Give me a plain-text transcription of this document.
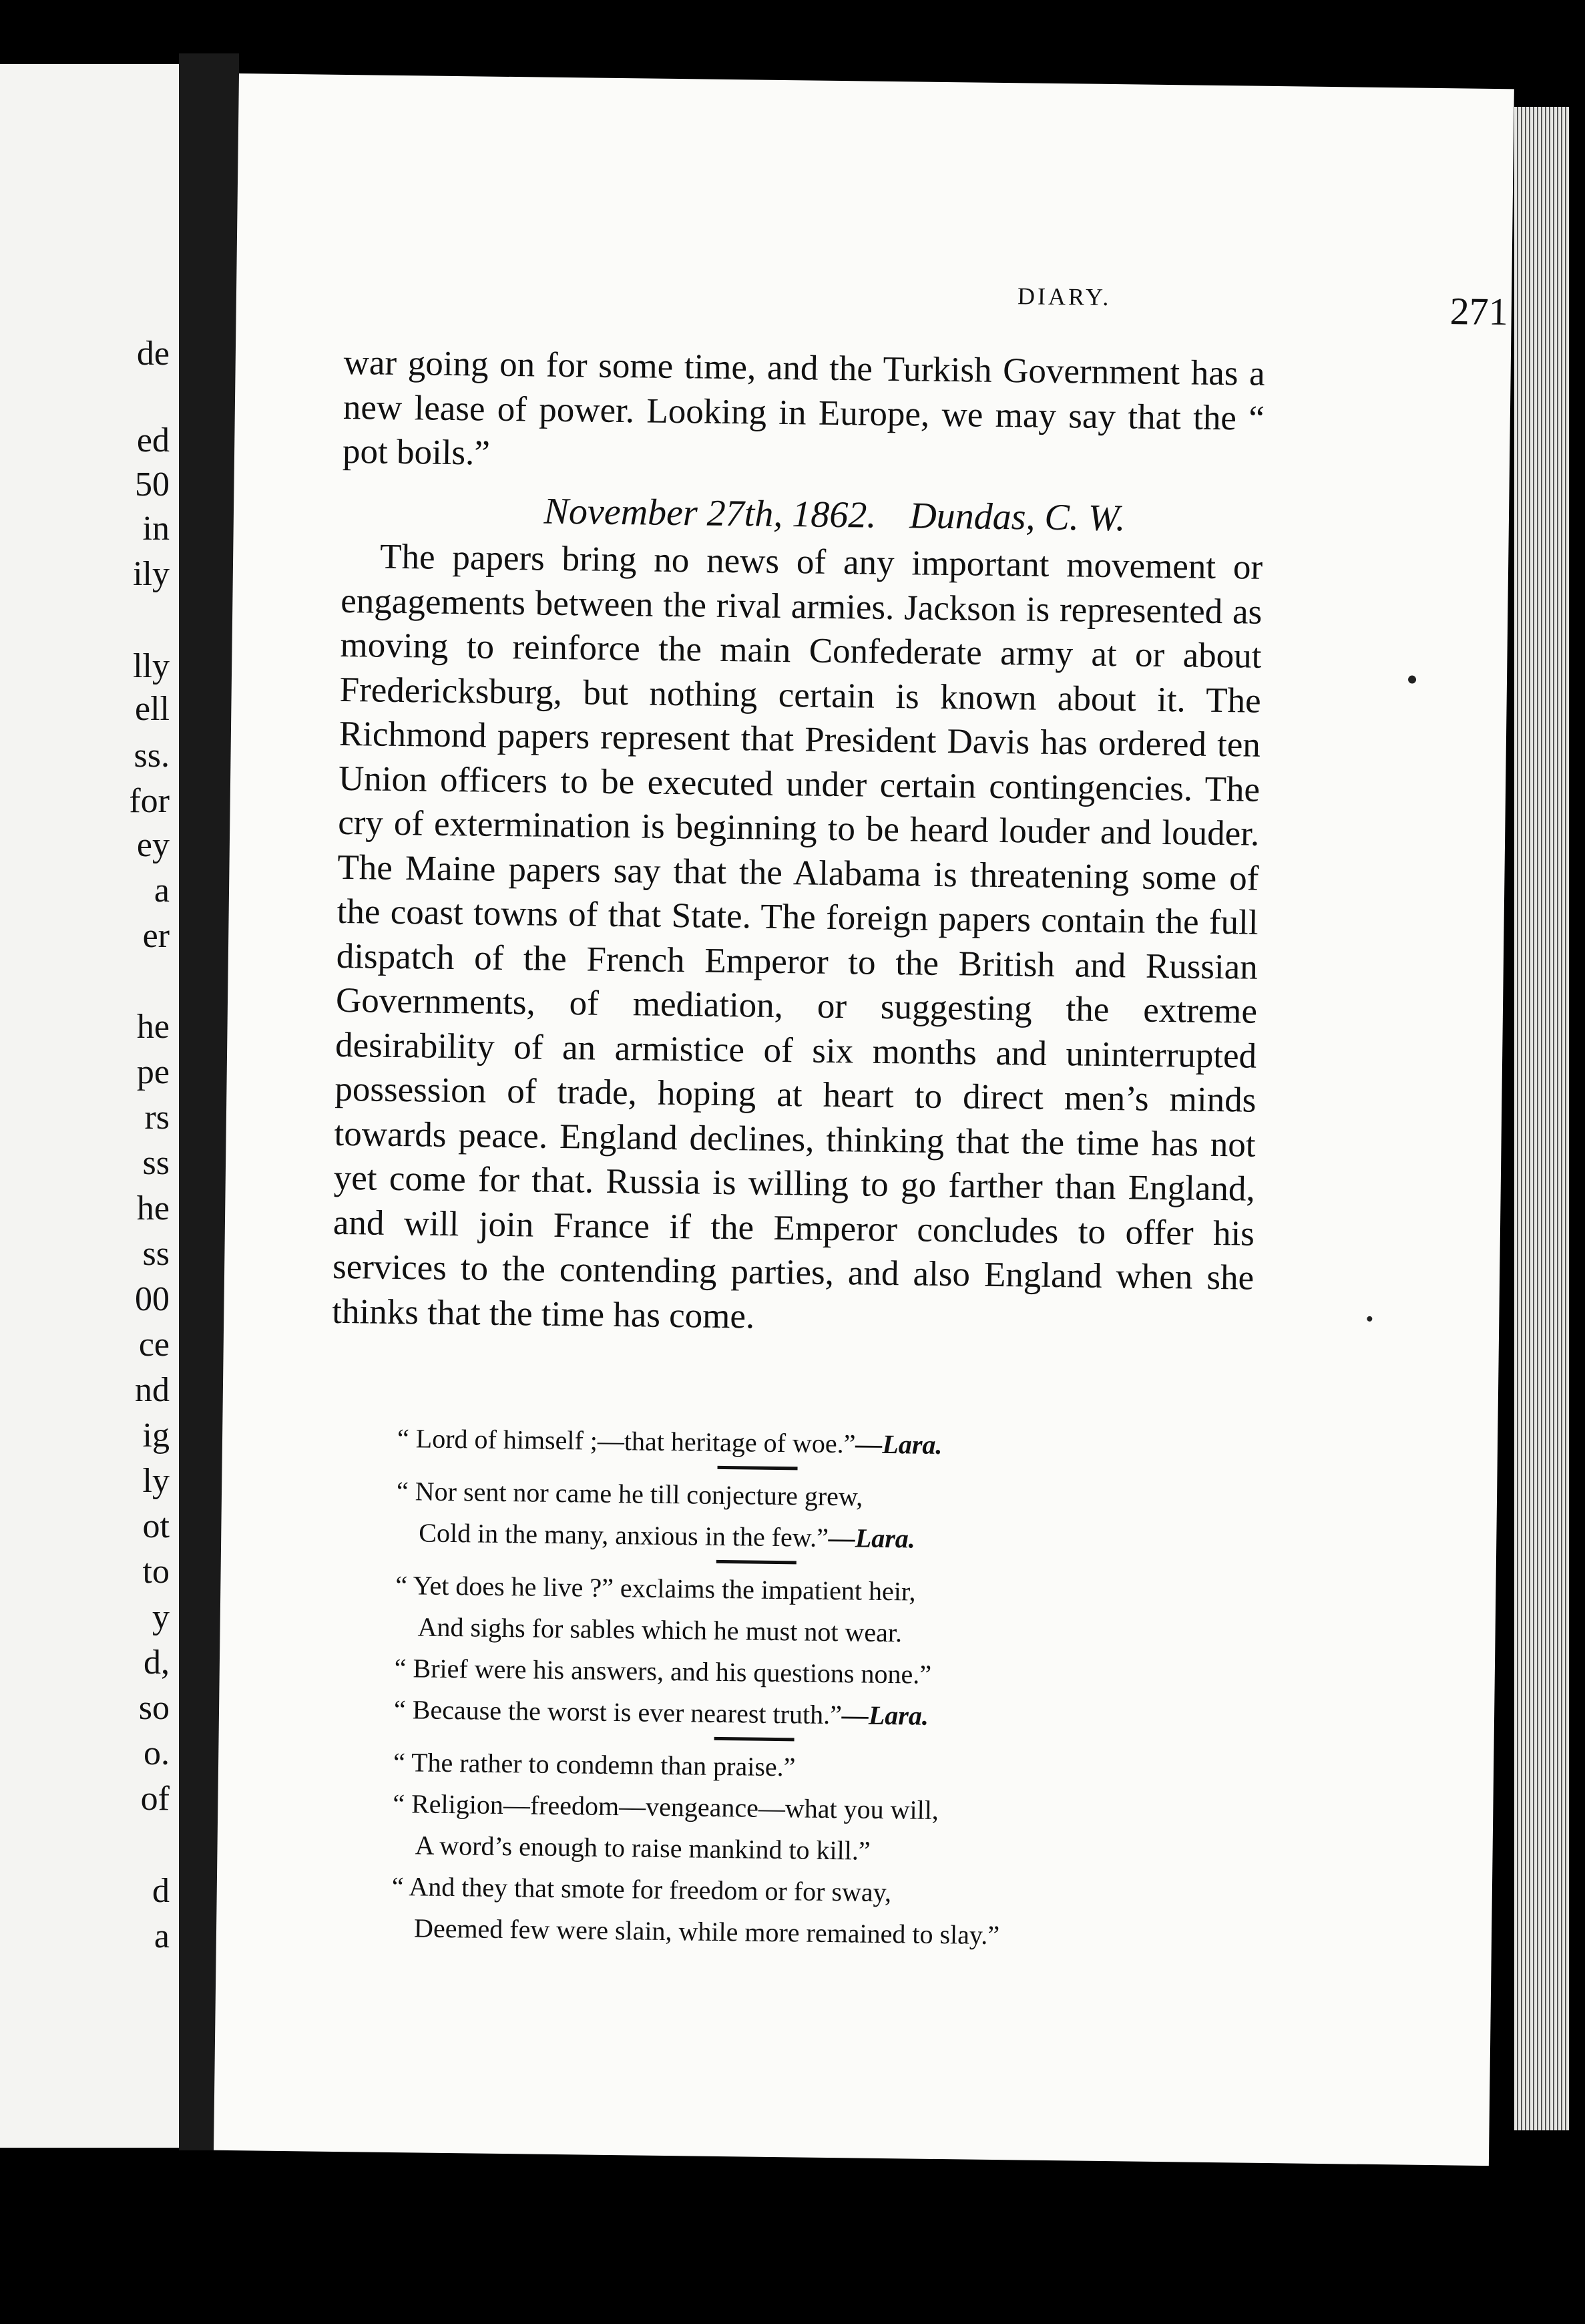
de
ed
50
in
ily
lly
ell
ss.
for
ey
a
er
he
pe
rs
ss
he
ss
00
ce
nd
ig
ly
ot
to
y
d,
so
o.
of
d
a
DIARY.	271

war going on for some time, and the Turkish Government has a new lease of power. Looking in Europe, we may say that the “ pot boils.”

November 27th, 1862. Dundas, C. W.

The papers bring no news of any important movement or engagements between the rival armies. Jackson is represented as moving to reinforce the main Confederate army at or about Fredericksburg, but nothing certain is known about it. The Richmond papers represent that President Davis has ordered ten Union officers to be executed under certain contingencies. The cry of extermination is beginning to be heard louder and louder. The Maine papers say that the Alabama is threatening some of the coast towns of that State. The foreign papers contain the full dispatch of the French Emperor to the British and Russian Governments, of mediation, or suggesting the extreme desirability of an armistice of six months and uninterrupted possession of trade, hoping at heart to direct men’s minds towards peace. England declines, thinking that the time has not yet come for that. Russia is willing to go farther than England, and will join France if the Emperor concludes to offer his services to the contending parties, and also England when she thinks that the time has come.

“ Lord of himself ;—that heritage of woe.”—Lara.
“ Nor sent nor came he till conjecture grew,
Cold in the many, anxious in the few.”—Lara.
“ Yet does he live ?” exclaims the impatient heir,
And sighs for sables which he must not wear.
“ Brief were his answers, and his questions none.”
“ Because the worst is ever nearest truth.”—Lara.
“ The rather to condemn than praise.”
“ Religion—freedom—vengeance—what you will,
A word’s enough to raise mankind to kill.”
“ And they that smote for freedom or for sway,
Deemed few were slain, while more remained to slay.”
